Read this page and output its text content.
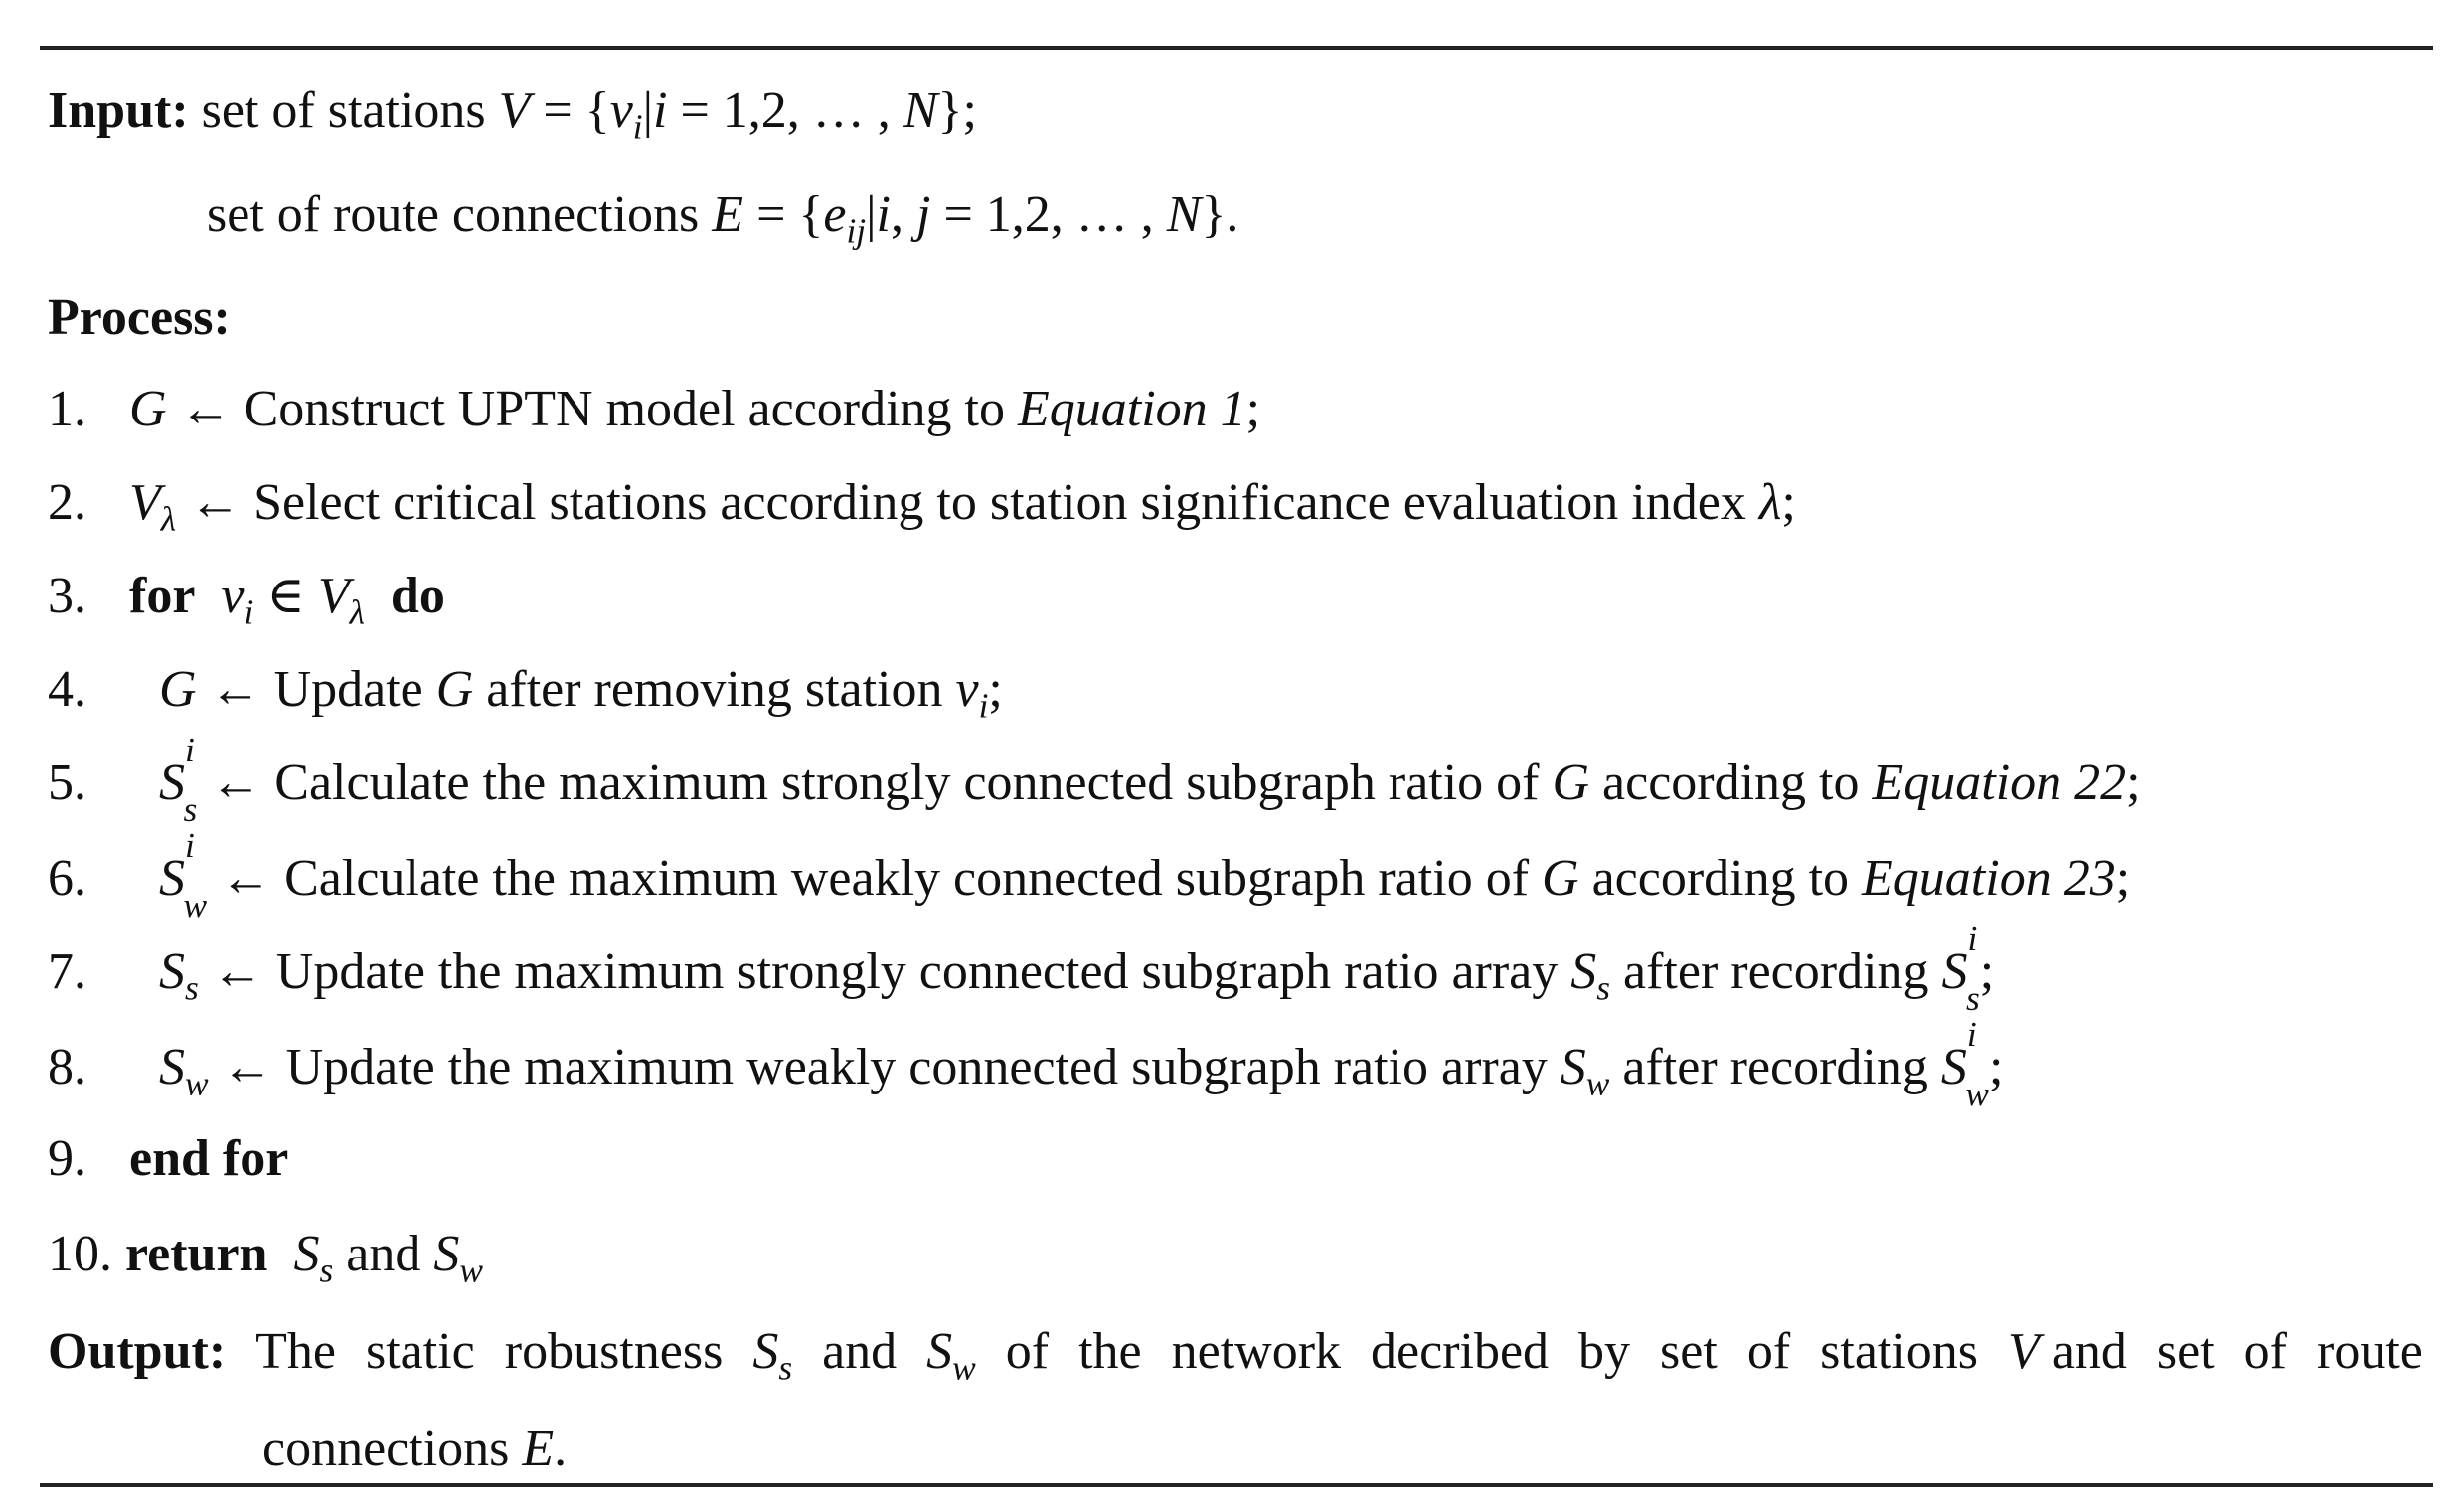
Input: set of stations $V = \{v_i|i = 1,2$, … , N};
set of route connections $E = \{e_{ij}|i$, j = 1,2, … , N}.
Process:
1. G ← Construct UPTN model according to Equation 1;
2. $V_\lambda$ ← Select critical stations according to station significance evaluation index λ;
3. for $v_i$ ∈ $V_\lambda$ do
4. G ← Update G after removing station $v_i$;
5. $S^i_s$ ← Calculate the maximum strongly connected subgraph ratio of G according to Equation 22;
6. $S^i_w$ ← Calculate the maximum weakly connected subgraph ratio of G according to Equation 23;
7. $S_s$ ← Update the maximum strongly connected subgraph ratio array $S_s$ after recording $S^i_s$;
8. $S_w$ ← Update the maximum weakly connected subgraph ratio array $S_w$ after recording $S^i_w$;
9. end for
10. return $S_s$ and $S_w$
Output: The static robustness $S_s$ and $S_w$ of the network decribed by set of stations V and set of route
connections E.
